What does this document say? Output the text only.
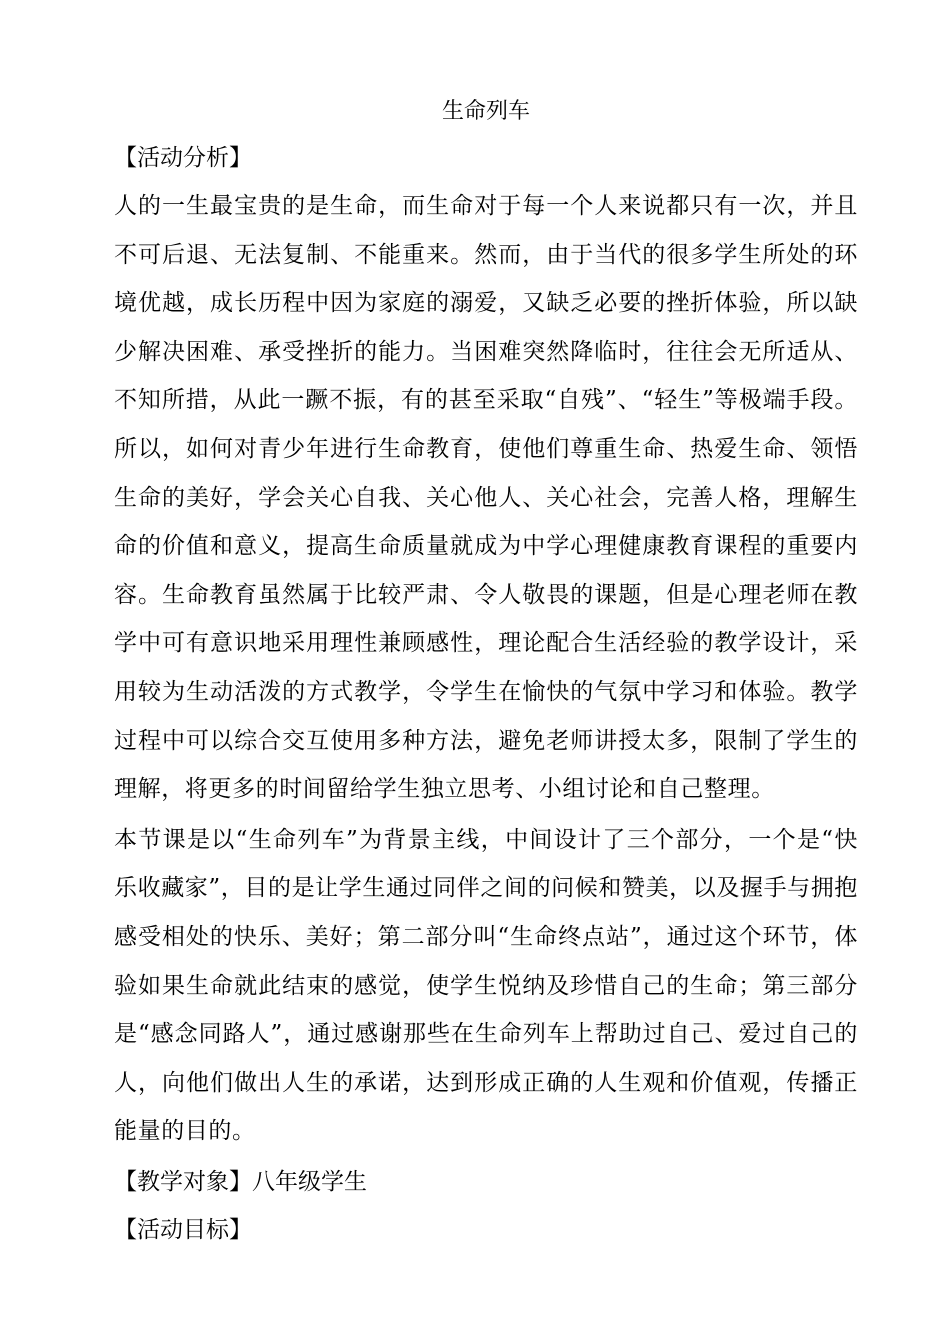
生命列车

【活动分析】

人的一生最宝贵的是生命，而生命对于每一个人来说都只有一次，并且不可后退、无法复制、不能重来。然而，由于当代的很多学生所处的环境优越，成长历程中因为家庭的溺爱，又缺乏必要的挫折体验，所以缺少解决困难、承受挫折的能力。当困难突然降临时，往往会无所适从、不知所措，从此一蹶不振，有的甚至采取“自残”、“轻生”等极端手段。所以，如何对青少年进行生命教育，使他们尊重生命、热爱生命、领悟生命的美好，学会关心自我、关心他人、关心社会，完善人格，理解生命的价值和意义，提高生命质量就成为中学心理健康教育课程的重要内容。生命教育虽然属于比较严肃、令人敬畏的课题，但是心理老师在教学中可有意识地采用理性兼顾感性，理论配合生活经验的教学设计，采用较为生动活泼的方式教学，令学生在愉快的气氛中学习和体验。教学过程中可以综合交互使用多种方法，避免老师讲授太多，限制了学生的理解，将更多的时间留给学生独立思考、小组讨论和自己整理。

本节课是以“生命列车”为背景主线，中间设计了三个部分，一个是“快乐收藏家”，目的是让学生通过同伴之间的问候和赞美，以及握手与拥抱感受相处的快乐、美好；第二部分叫“生命终点站”，通过这个环节，体验如果生命就此结束的感觉，使学生悦纳及珍惜自己的生命；第三部分是“感念同路人”，通过感谢那些在生命列车上帮助过自己、爱过自己的人，向他们做出人生的承诺，达到形成正确的人生观和价值观，传播正能量的目的。

【教学对象】八年级学生

【活动目标】
